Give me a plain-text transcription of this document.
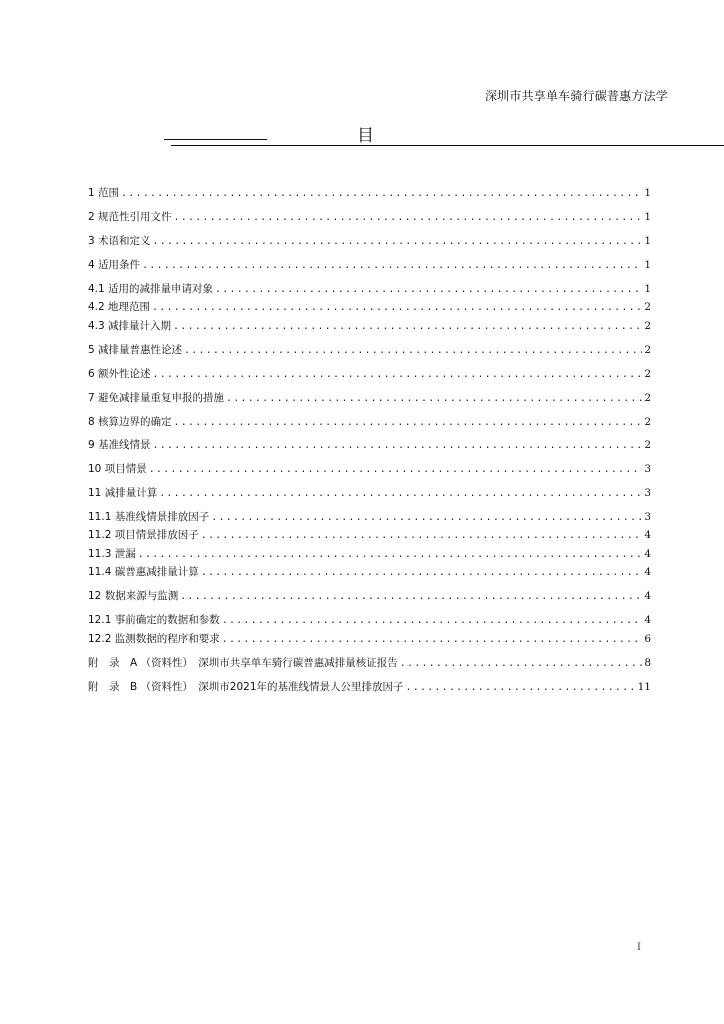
深圳市共享单车骑行碳普惠方法学
目
1 范围 .....	1
2 规范性引用文件 .....	1
3 术语和定义 .....	1
4 适用条件 .....	1
4.1 适用的减排量申请对象 .....	1
4.2 地理范围 .....	2
4.3 减排量计入期 .....	2
5 减排量普惠性论述 .....	2
6 额外性论述 .....	2
7 避免减排量重复申报的措施 .....	2
8 核算边界的确定 .....	2
9 基准线情景 .....	2
10 项目情景 .....	3
11 减排量计算 .....	3
11.1 基准线情景排放因子 .....	3
11.2 项目情景排放因子 .....	4
11.3 泄漏 .....	4
11.4 碳普惠减排量计算 .....	4
12 数据来源与监测 .....	4
12.1 事前确定的数据和参数 .....	4
12.2 监测数据的程序和要求 .....	6
附　录　A （资料性）　深圳市共享单车骑行碳普惠减排量核证报告 .....	8
附　录　B （资料性）　深圳市2021年的基准线情景人公里排放因子 .....	11
I
